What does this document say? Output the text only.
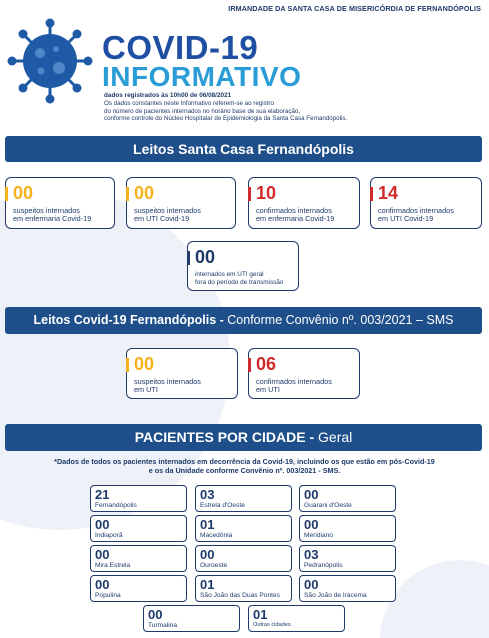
IRMANDADE DA SANTA CASA DE MISERICÓRDIA DE FERNANDÓPOLIS
COVID-19
INFORMATIVO
dados registrados às 10h00 de 06/08/2021
Os dados constantes neste Informativo referem-se ao registro
do número de pacientes internados no horário base de sua elaboração,
conforme controle do Núcleo Hospitalar de Epidemiologia da Santa Casa Fernandópolis.
Leitos Santa Casa Fernandópolis
00
suspeitos internados
em enfermaria Covid-19
00
suspeitos internados
em UTI Covid-19
10
confirmados internados
em enfermaria Covid-19
14
confirmados internados
em UTI Covid-19
00
internados em UTI geral
fora do período de transmissão
Leitos Covid-19 Fernandópolis - Conforme Convênio nº. 003/2021 – SMS
00
suspeitos internados
em UTI
06
confirmados internados
em UTI
PACIENTES POR CIDADE - Geral
*Dados de todos os pacientes internados em decorrência da Covid-19, incluindo os que estão em pós-Covid-19
e os da Unidade conforme Convênio nº. 003/2021 - SMS.
21
Fernandópolis
03
Estrela d'Oeste
00
Guarani d'Oeste
00
Indiaporã
01
Macedônia
00
Meridiano
00
Mira Estrela
00
Ouroeste
03
Pedranópolis
00
Populina
01
São João das Duas Pontes
00
São João de Iracema
00
Turmalina
01
Outras cidades
